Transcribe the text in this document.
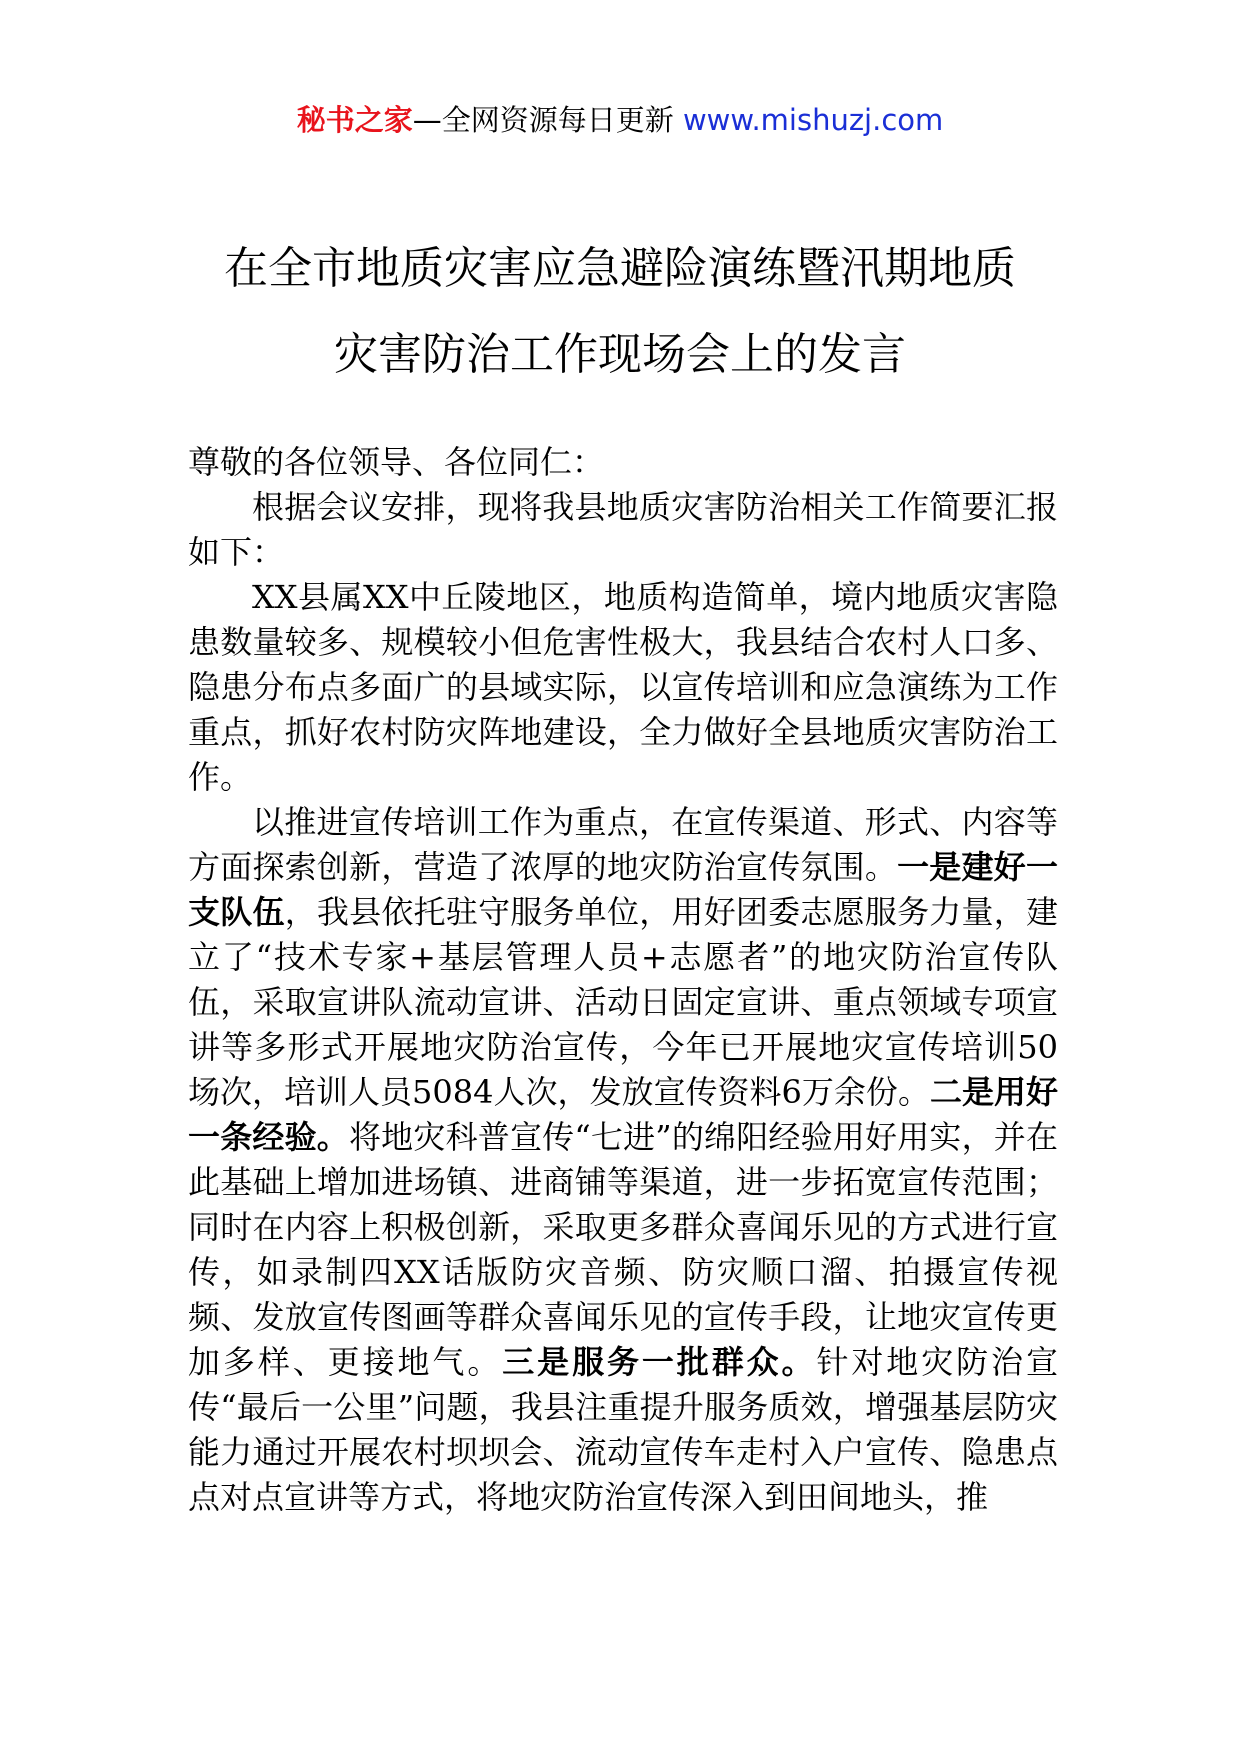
秘书之家—全网资源每日更新 www.mishuzj.com
在全市地质灾害应急避险演练暨汛期地质
灾害防治工作现场会上的发言

尊敬的各位领导、各位同仁：

根据会议安排，现将我县地质灾害防治相关工作简要汇报如下：

XX县属XX中丘陵地区，地质构造简单，境内地质灾害隐患数量较多、规模较小但危害性极大，我县结合农村人口多、隐患分布点多面广的县域实际，以宣传培训和应急演练为工作重点，抓好农村防灾阵地建设，全力做好全县地质灾害防治工作。

以推进宣传培训工作为重点，在宣传渠道、形式、内容等方面探索创新，营造了浓厚的地灾防治宣传氛围。一是建好一支队伍，我县依托驻守服务单位，用好团委志愿服务力量，建立了“技术专家+基层管理人员+志愿者”的地灾防治宣传队伍，采取宣讲队流动宣讲、活动日固定宣讲、重点领域专项宣讲等多形式开展地灾防治宣传，今年已开展地灾宣传培训50场次，培训人员5084人次，发放宣传资料6万余份。二是用好一条经验。将地灾科普宣传“七进”的绵阳经验用好用实，并在此基础上增加进场镇、进商铺等渠道，进一步拓宽宣传范围；同时在内容上积极创新，采取更多群众喜闻乐见的方式进行宣传，如录制四XX话版防灾音频、防灾顺口溜、拍摄宣传视频、发放宣传图画等群众喜闻乐见的宣传手段，让地灾宣传更加多样、更接地气。三是服务一批群众。针对地灾防治宣传“最后一公里”问题，我县注重提升服务质效，增强基层防灾能力通过开展农村坝坝会、流动宣传车走村入户宣传、隐患点点对点宣讲等方式，将地灾防治宣传深入到田间地头，推
